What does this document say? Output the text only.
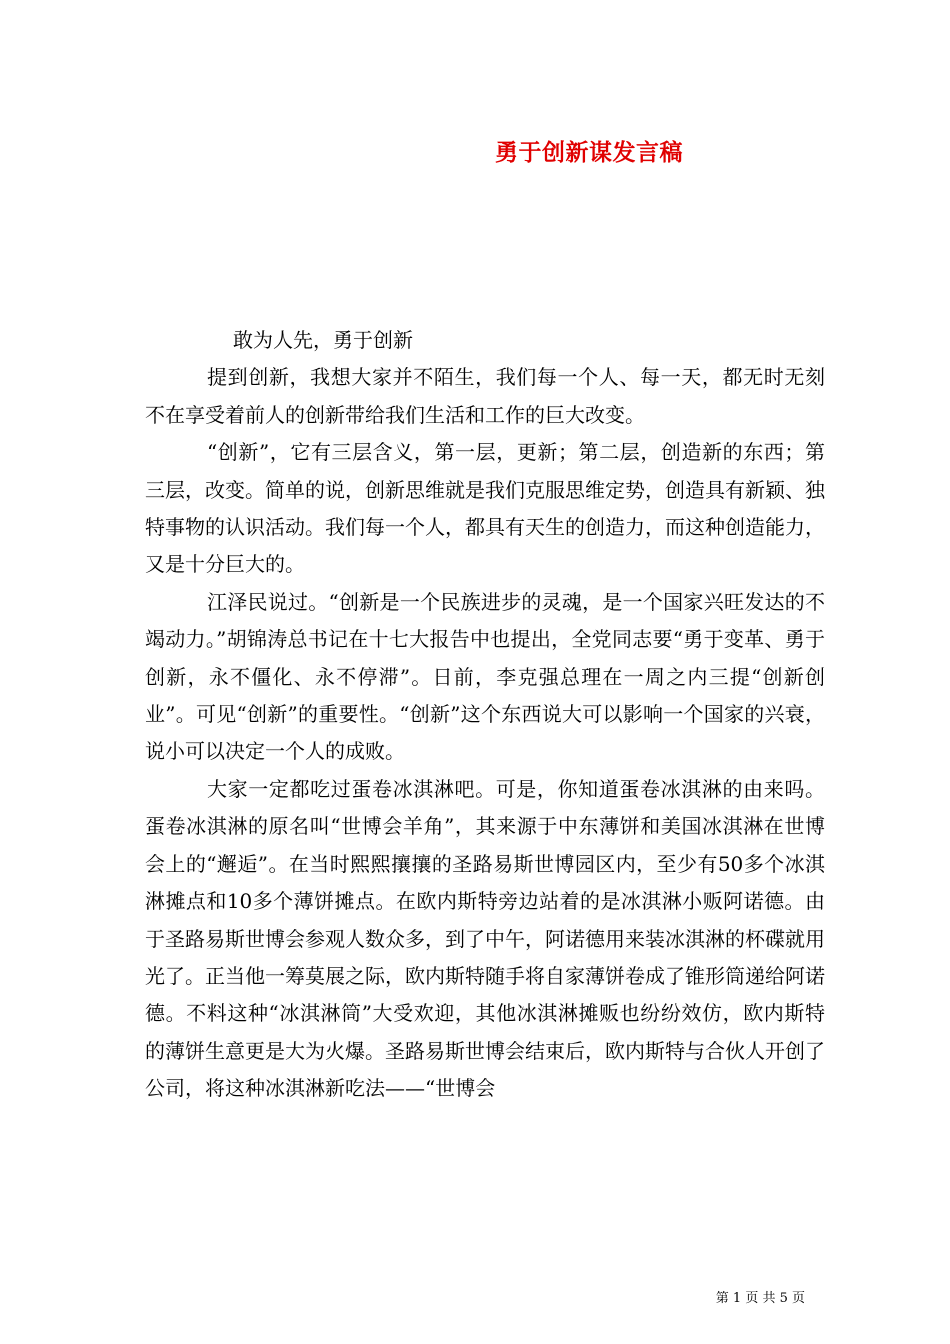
勇于创新谋发言稿

敢为人先，勇于创新

提到创新，我想大家并不陌生，我们每一个人、每一天，都无时无刻不在享受着前人的创新带给我们生活和工作的巨大改变。

“创新”，它有三层含义，第一层，更新；第二层，创造新的东西；第三层，改变。简单的说，创新思维就是我们克服思维定势，创造具有新颖、独特事物的认识活动。我们每一个人，都具有天生的创造力，而这种创造能力，又是十分巨大的。

江泽民说过。“创新是一个民族进步的灵魂，是一个国家兴旺发达的不竭动力。”胡锦涛总书记在十七大报告中也提出，全党同志要“勇于变革、勇于创新，永不僵化、永不停滞”。日前，李克强总理在一周之内三提“创新创业”。可见“创新”的重要性。“创新”这个东西说大可以影响一个国家的兴衰，说小可以决定一个人的成败。

大家一定都吃过蛋卷冰淇淋吧。可是，你知道蛋卷冰淇淋的由来吗。蛋卷冰淇淋的原名叫“世博会羊角”，其来源于中东薄饼和美国冰淇淋在世博会上的“邂逅”。在当时熙熙攘攘的圣路易斯世博园区内，至少有50多个冰淇淋摊点和10多个薄饼摊点。在欧内斯特旁边站着的是冰淇淋小贩阿诺德。由于圣路易斯世博会参观人数众多，到了中午，阿诺德用来装冰淇淋的杯碟就用光了。正当他一筹莫展之际，欧内斯特随手将自家薄饼卷成了锥形筒递给阿诺德。不料这种“冰淇淋筒”大受欢迎，其他冰淇淋摊贩也纷纷效仿，欧内斯特的薄饼生意更是大为火爆。圣路易斯世博会结束后，欧内斯特与合伙人开创了公司，将这种冰淇淋新吃法——“世博会

第 1 页 共 5 页
